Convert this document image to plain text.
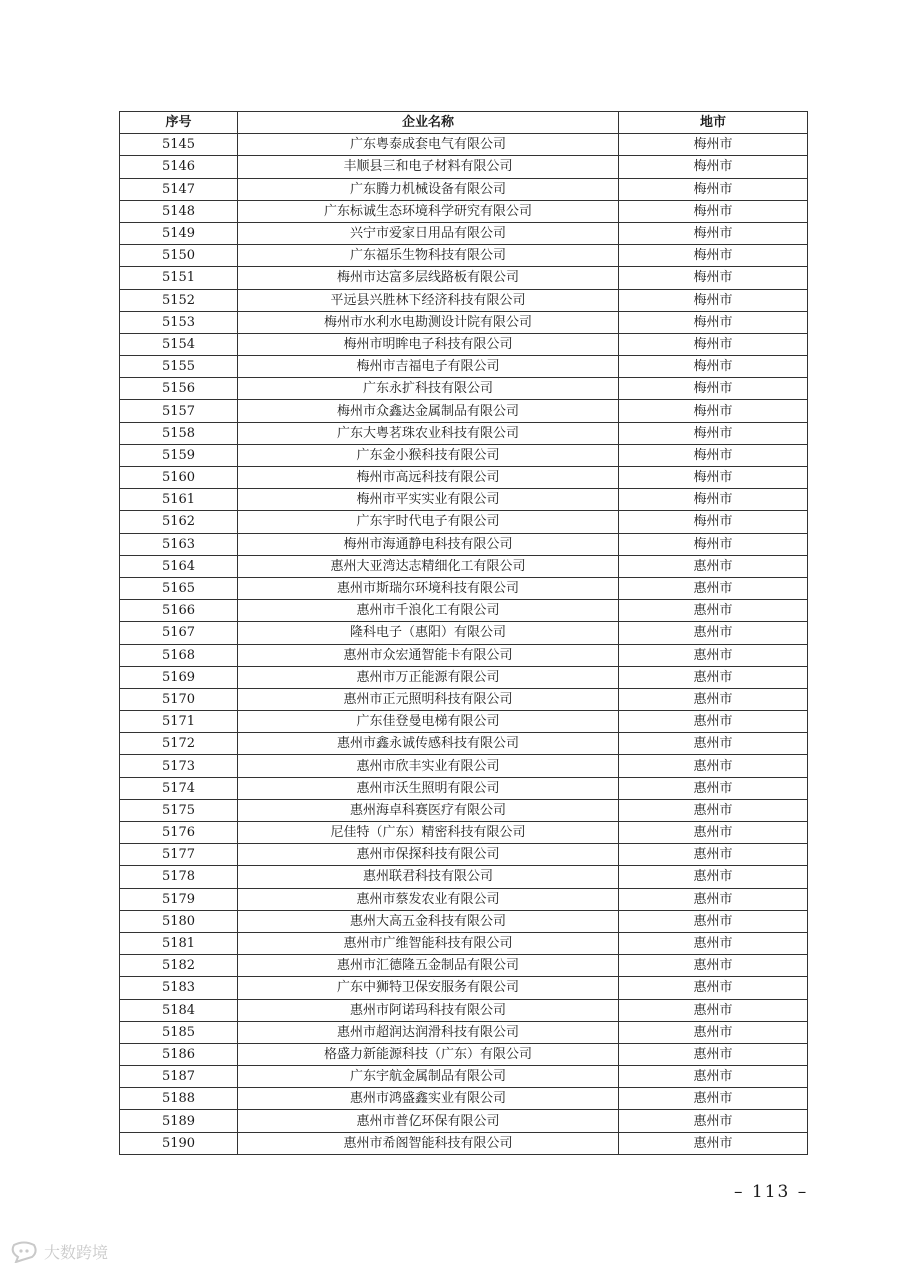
序号	企业名称	地市
5145	广东粤泰成套电气有限公司	梅州市
5146	丰顺县三和电子材料有限公司	梅州市
5147	广东腾力机械设备有限公司	梅州市
5148	广东标诚生态环境科学研究有限公司	梅州市
5149	兴宁市爱家日用品有限公司	梅州市
5150	广东福乐生物科技有限公司	梅州市
5151	梅州市达富多层线路板有限公司	梅州市
5152	平远县兴胜林下经济科技有限公司	梅州市
5153	梅州市水利水电勘测设计院有限公司	梅州市
5154	梅州市明眸电子科技有限公司	梅州市
5155	梅州市吉福电子有限公司	梅州市
5156	广东永扩科技有限公司	梅州市
5157	梅州市众鑫达金属制品有限公司	梅州市
5158	广东大粤茗珠农业科技有限公司	梅州市
5159	广东金小猴科技有限公司	梅州市
5160	梅州市高远科技有限公司	梅州市
5161	梅州市平实实业有限公司	梅州市
5162	广东宇时代电子有限公司	梅州市
5163	梅州市海通静电科技有限公司	梅州市
5164	惠州大亚湾达志精细化工有限公司	惠州市
5165	惠州市斯瑞尔环境科技有限公司	惠州市
5166	惠州市千浪化工有限公司	惠州市
5167	隆科电子（惠阳）有限公司	惠州市
5168	惠州市众宏通智能卡有限公司	惠州市
5169	惠州市万正能源有限公司	惠州市
5170	惠州市正元照明科技有限公司	惠州市
5171	广东佳登曼电梯有限公司	惠州市
5172	惠州市鑫永诚传感科技有限公司	惠州市
5173	惠州市欣丰实业有限公司	惠州市
5174	惠州市沃生照明有限公司	惠州市
5175	惠州海卓科赛医疗有限公司	惠州市
5176	尼佳特（广东）精密科技有限公司	惠州市
5177	惠州市保探科技有限公司	惠州市
5178	惠州联君科技有限公司	惠州市
5179	惠州市蔡发农业有限公司	惠州市
5180	惠州大高五金科技有限公司	惠州市
5181	惠州市广维智能科技有限公司	惠州市
5182	惠州市汇德隆五金制品有限公司	惠州市
5183	广东中狮特卫保安服务有限公司	惠州市
5184	惠州市阿诺玛科技有限公司	惠州市
5185	惠州市超润达润滑科技有限公司	惠州市
5186	格盛力新能源科技（广东）有限公司	惠州市
5187	广东宇航金属制品有限公司	惠州市
5188	惠州市鸿盛鑫实业有限公司	惠州市
5189	惠州市普亿环保有限公司	惠州市
5190	惠州市希阁智能科技有限公司	惠州市
– 113 –
大数跨境
